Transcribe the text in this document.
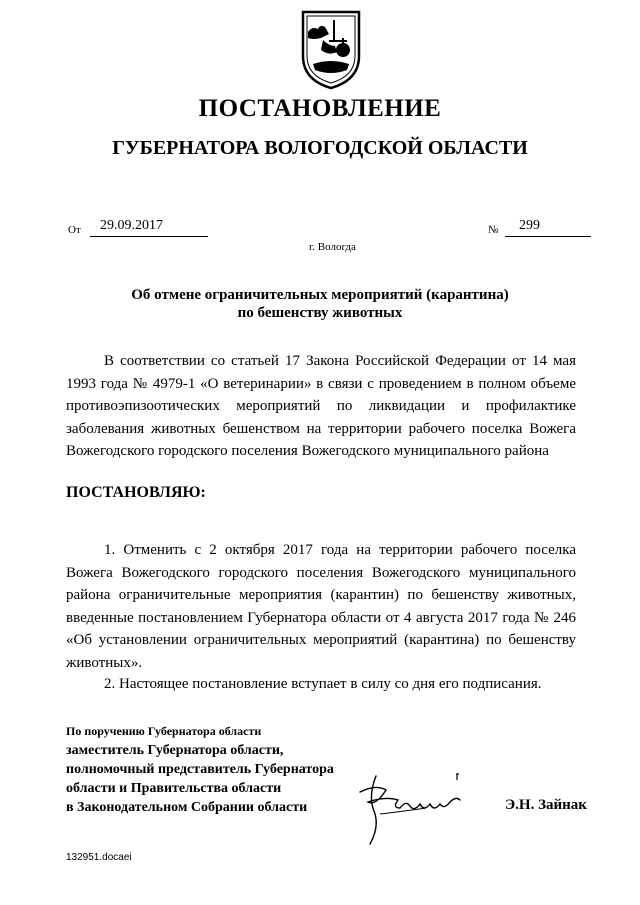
ПОСТАНОВЛЕНИЕ
ГУБЕРНАТОРА ВОЛОГОДСКОЙ ОБЛАСТИ
От 29.09.2017	№ 299
г. Вологда
Об отмене ограничительных мероприятий (карантина)
по бешенству животных
В соответствии со статьей 17 Закона Российской Федерации от 14 мая 1993 года № 4979-1 «О ветеринарии» в связи с проведением в полном объеме противоэпизоотических мероприятий по ликвидации и профилактике заболевания животных бешенством на территории рабочего поселка Вожега Вожегодского городского поселения Вожегодского муниципального района
ПОСТАНОВЛЯЮ:
1. Отменить с 2 октября 2017 года на территории рабочего поселка Вожега Вожегодского городского поселения Вожегодского муниципального района ограничительные мероприятия (карантин) по бешенству животных, введенные постановлением Губернатора области от 4 августа 2017 года № 246 «Об установлении ограничительных мероприятий (карантина) по бешенству животных».
2. Настоящее постановление вступает в силу со дня его подписания.
По поручению Губернатора области
заместитель Губернатора области,
полномочный представитель Губернатора
области и Правительства области
в Законодательном Собрании области	Э.Н. Зайнак
132951.docaei
